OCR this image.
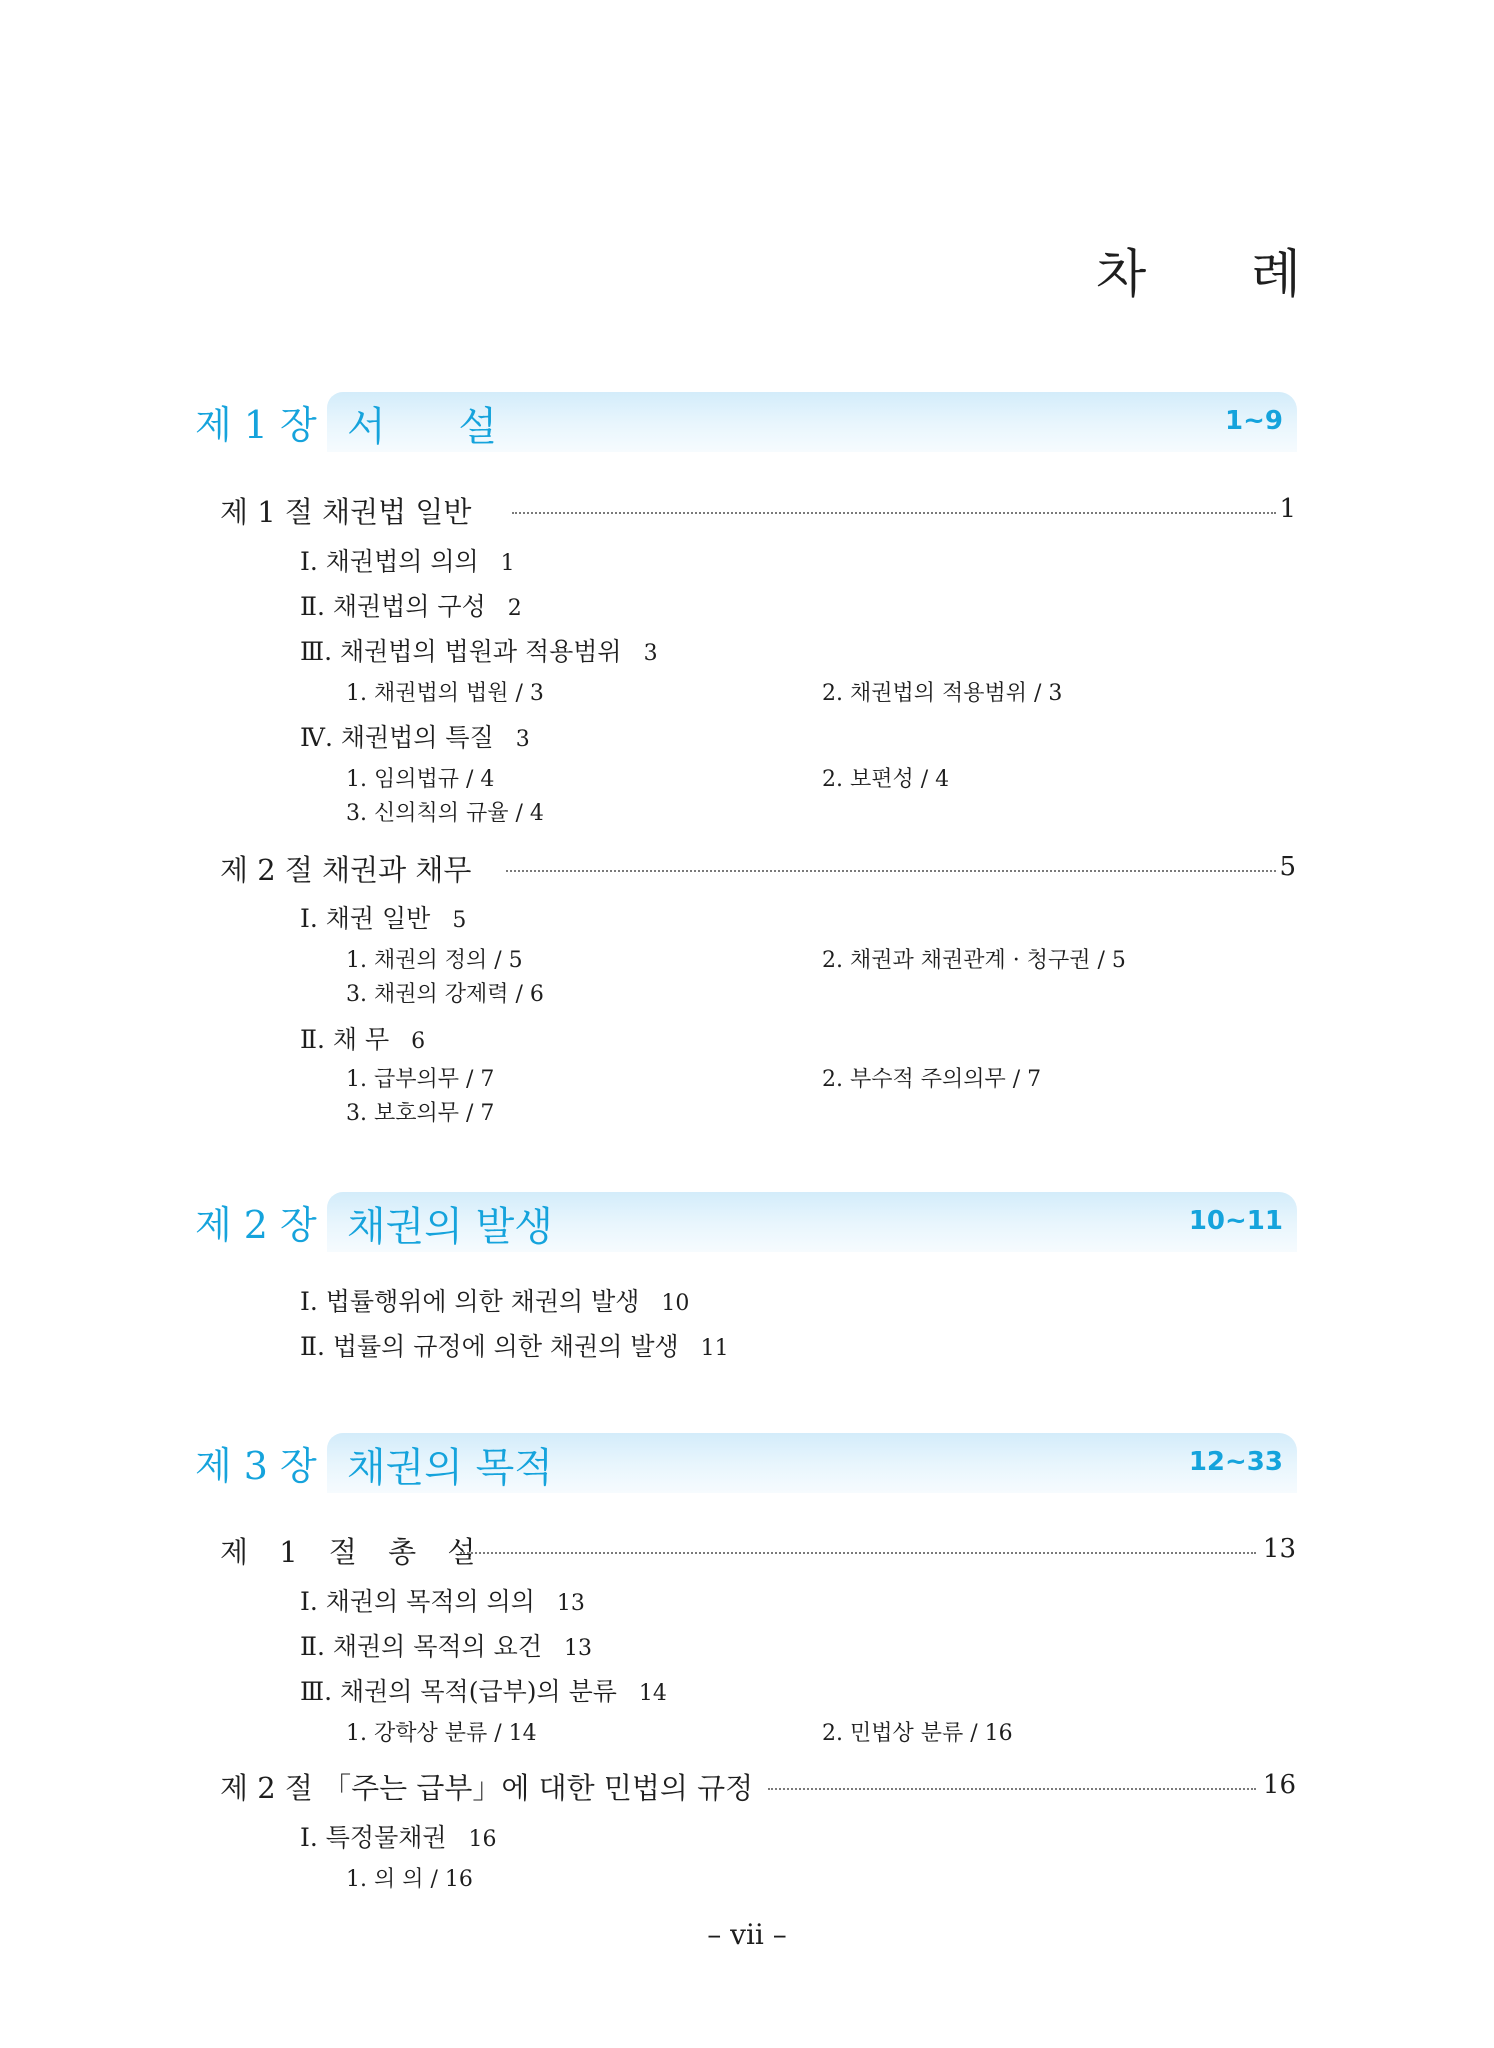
차 례
제 1 장 서 설	1~9
제 1 절 채권법 일반	1
Ⅰ. 채권법의 의의 1
Ⅱ. 채권법의 구성 2
Ⅲ. 채권법의 법원과 적용범위 3
1. 채권법의 법원 / 3	2. 채권법의 적용범위 / 3
Ⅳ. 채권법의 특질 3
1. 임의법규 / 4	2. 보편성 / 4
3. 신의칙의 규율 / 4
제 2 절 채권과 채무	5
Ⅰ. 채권 일반 5
1. 채권의 정의 / 5	2. 채권과 채권관계 · 청구권 / 5
3. 채권의 강제력 / 6
Ⅱ. 채 무 6
1. 급부의무 / 7	2. 부수적 주의의무 / 7
3. 보호의무 / 7
제 2 장 채권의 발생	10~11
Ⅰ. 법률행위에 의한 채권의 발생 10
Ⅱ. 법률의 규정에 의한 채권의 발생 11
제 3 장 채권의 목적	12~33
제 1 절 총 설	13
Ⅰ. 채권의 목적의 의의 13
Ⅱ. 채권의 목적의 요건 13
Ⅲ. 채권의 목적(급부)의 분류 14
1. 강학상 분류 / 14	2. 민법상 분류 / 16
제 2 절 「주는 급부」에 대한 민법의 규정	16
Ⅰ. 특정물채권 16
1. 의 의 / 16
– vii –
